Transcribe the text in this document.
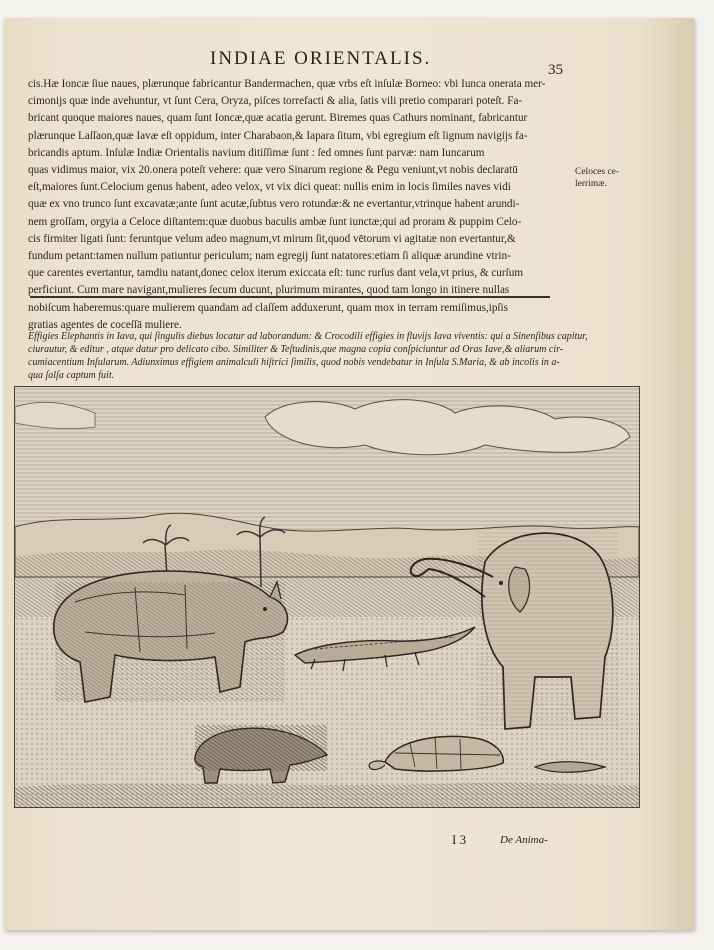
INDIAE ORIENTALIS.
35
cis.Hæ Ioncæ ſiue naues, plærunque fabricantur Bandermachen, quæ vrbs eſt inſulæ Borneo: vbi Iunca onerata mer-
cimonijs quæ inde avehuntur, vt ſunt Cera, Oryza, piſces torrefacti & alia, ſatis vili pretio comparari poteſt. Fa-
bricant quoque maiores naues, quam ſunt Ioncæ,quæ acatia gerunt. Biremes quas Cathurs nominant, fabricantur
plærunque Laſſaon,quæ Iavæ eſt oppidum, inter Charabaon,& Iapara ſitum, vbi egregium eſt lignum navigijs fa-
bricandis aptum. Inſulæ Indiæ Orientalis navium ditiſſimæ ſunt : ſed omnes ſunt parvæ: nam Iuncarum
quas vidimus maior, vix 20.onera poteſt vehere: quæ vero Sinarum regione & Pegu veniunt,vt nobis declaratū
eſt,maiores ſunt.Celocium genus habent, adeo velox, vt vix dici queat: nullis enim in locis ſimiles naves vidi
quæ ex vno trunco ſunt excavatæ;ante ſunt acutæ,ſubtus vero rotundæ:& ne evertantur,vtrinque habent arundi-
nem groſſam, orgyia a Celoce diſtantem:quæ duobus baculis ambæ ſunt iunctæ;qui ad proram & puppim Celo-
cis firmiter ligati ſunt: feruntque velum adeo magnum,vt mirum ſit,quod vētorum vi agitatæ non evertantur,&
fundum petant:tamen nullum patiuntur periculum; nam egregij ſunt natatores:etiam ſi aliquæ arundine vtrin-
que carentes evertantur, tamdiu natant,donec celox iterum exiccata eſt: tunc rurſus dant vela,vt prius, & curſum
perficiunt. Cum mare navigant,mulieres ſecum ducunt, plurimum mirantes, quod tam longo in itinere nullas
nobiſcum haberemus:quare mulierem quandam ad claſſem adduxerunt, quam mox in terram remiſimus,ipſis
gratias agentes de coceſſā muliere.
Celoces ce-lerrimæ.
Effigies Elephantis in Iava, qui ſingulis diebus locatur ad laborandum: & Crocodili effigies in fluvijs Iava viventis: qui a Sinenſibus capitur,
ciurautur, & editur , atque datur pro delicato cibo. Similiter & Teſtudinis,que magna copia conſpiciuntur ad Oras Iave,& aliarum cir-
cumiacentium Inſularum. Adiunximus effigiem animalculi hiſtrici ſimilis, quod nobis vendebatur in Inſula S.Maria, & ab incolis in a-
qua ſalſa captum fuit.
I 3	De Anima-
